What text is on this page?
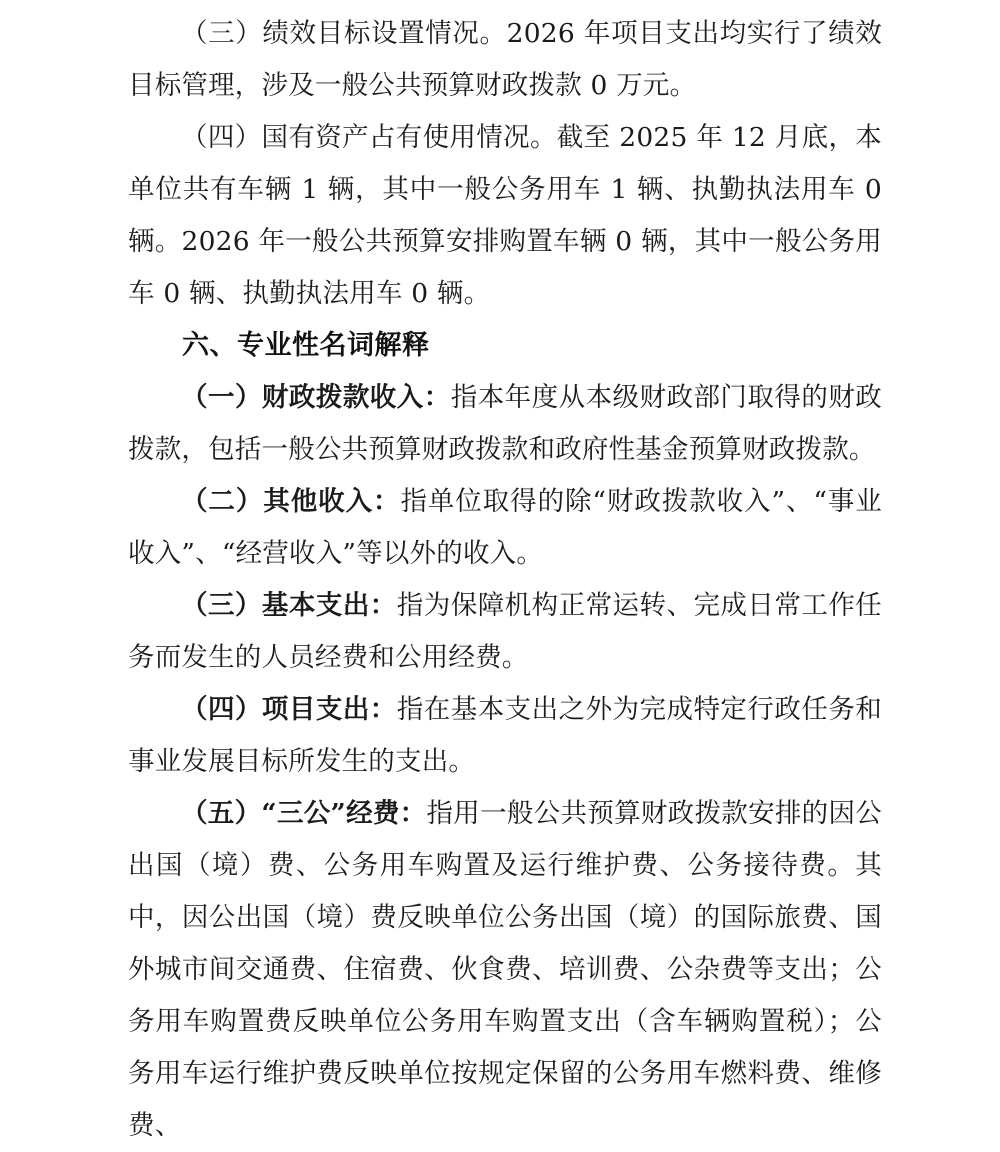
（三）绩效目标设置情况。2026 年项目支出均实行了绩效目标管理，涉及一般公共预算财政拨款 0 万元。

（四）国有资产占有使用情况。截至 2025 年 12 月底，本单位共有车辆 1 辆，其中一般公务用车 1 辆、执勤执法用车 0 辆。2026 年一般公共预算安排购置车辆 0 辆，其中一般公务用车 0 辆、执勤执法用车 0 辆。

六、专业性名词解释

（一）财政拨款收入：指本年度从本级财政部门取得的财政拨款，包括一般公共预算财政拨款和政府性基金预算财政拨款。

（二）其他收入：指单位取得的除“财政拨款收入”、“事业收入”、“经营收入”等以外的收入。

（三）基本支出：指为保障机构正常运转、完成日常工作任务而发生的人员经费和公用经费。

（四）项目支出：指在基本支出之外为完成特定行政任务和事业发展目标所发生的支出。

（五）“三公”经费：指用一般公共预算财政拨款安排的因公出国（境）费、公务用车购置及运行维护费、公务接待费。其中，因公出国（境）费反映单位公务出国（境）的国际旅费、国外城市间交通费、住宿费、伙食费、培训费、公杂费等支出；公务用车购置费反映单位公务用车购置支出（含车辆购置税）；公务用车运行维护费反映单位按规定保留的公务用车燃料费、维修费、
